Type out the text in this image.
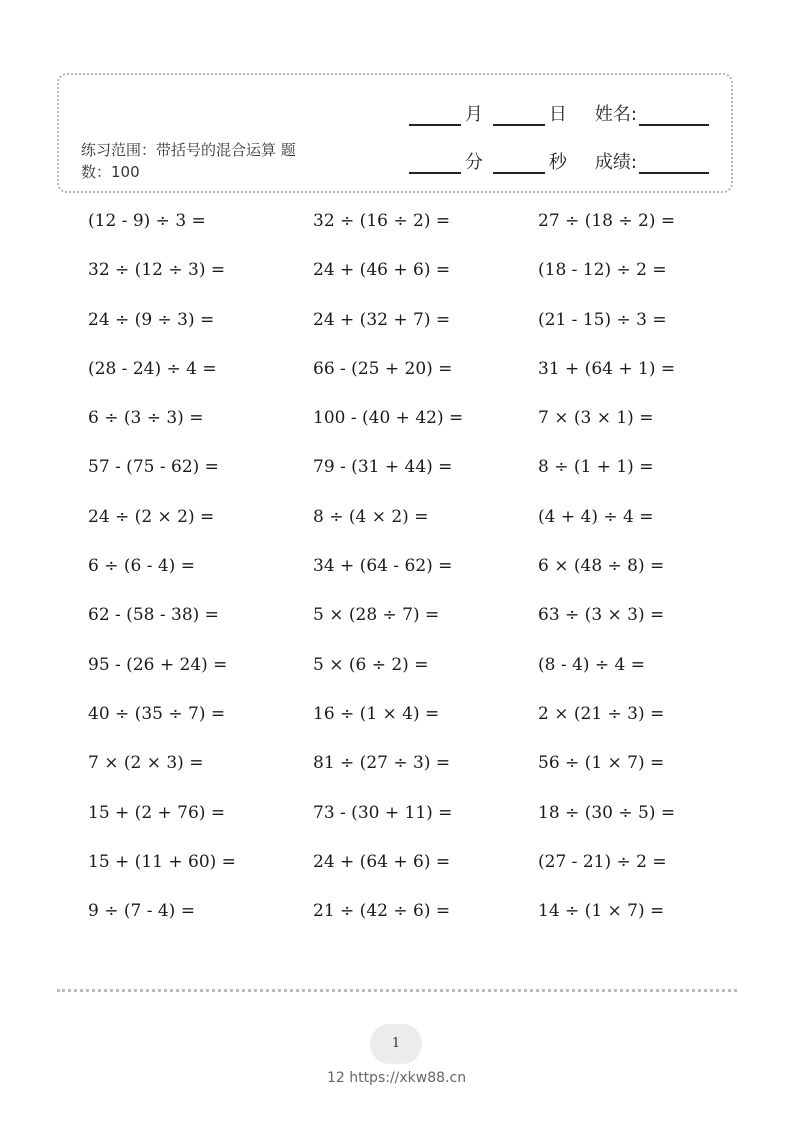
月	日 姓名:
分	秒 成绩:
练习范围：带括号的混合运算 题数：100
(12 - 9) ÷ 3 =	32 ÷ (16 ÷ 2) =	27 ÷ (18 ÷ 2) =
32 ÷ (12 ÷ 3) =	24 + (46 + 6) =	(18 - 12) ÷ 2 =
24 ÷ (9 ÷ 3) =	24 + (32 + 7) =	(21 - 15) ÷ 3 =
(28 - 24) ÷ 4 =	66 - (25 + 20) =	31 + (64 + 1) =
6 ÷ (3 ÷ 3) =	100 - (40 + 42) =	7 × (3 × 1) =
57 - (75 - 62) =	79 - (31 + 44) =	8 ÷ (1 + 1) =
24 ÷ (2 × 2) =	8 ÷ (4 × 2) =	(4 + 4) ÷ 4 =
6 ÷ (6 - 4) =	34 + (64 - 62) =	6 × (48 ÷ 8) =
62 - (58 - 38) =	5 × (28 ÷ 7) =	63 ÷ (3 × 3) =
95 - (26 + 24) =	5 × (6 ÷ 2) =	(8 - 4) ÷ 4 =
40 ÷ (35 ÷ 7) =	16 ÷ (1 × 4) =	2 × (21 ÷ 3) =
7 × (2 × 3) =	81 ÷ (27 ÷ 3) =	56 ÷ (1 × 7) =
15 + (2 + 76) =	73 - (30 + 11) =	18 ÷ (30 ÷ 5) =
15 + (11 + 60) =	24 + (64 + 6) =	(27 - 21) ÷ 2 =
9 ÷ (7 - 4) =	21 ÷ (42 ÷ 6) =	14 ÷ (1 × 7) =
1
12 https://xkw88.cn
